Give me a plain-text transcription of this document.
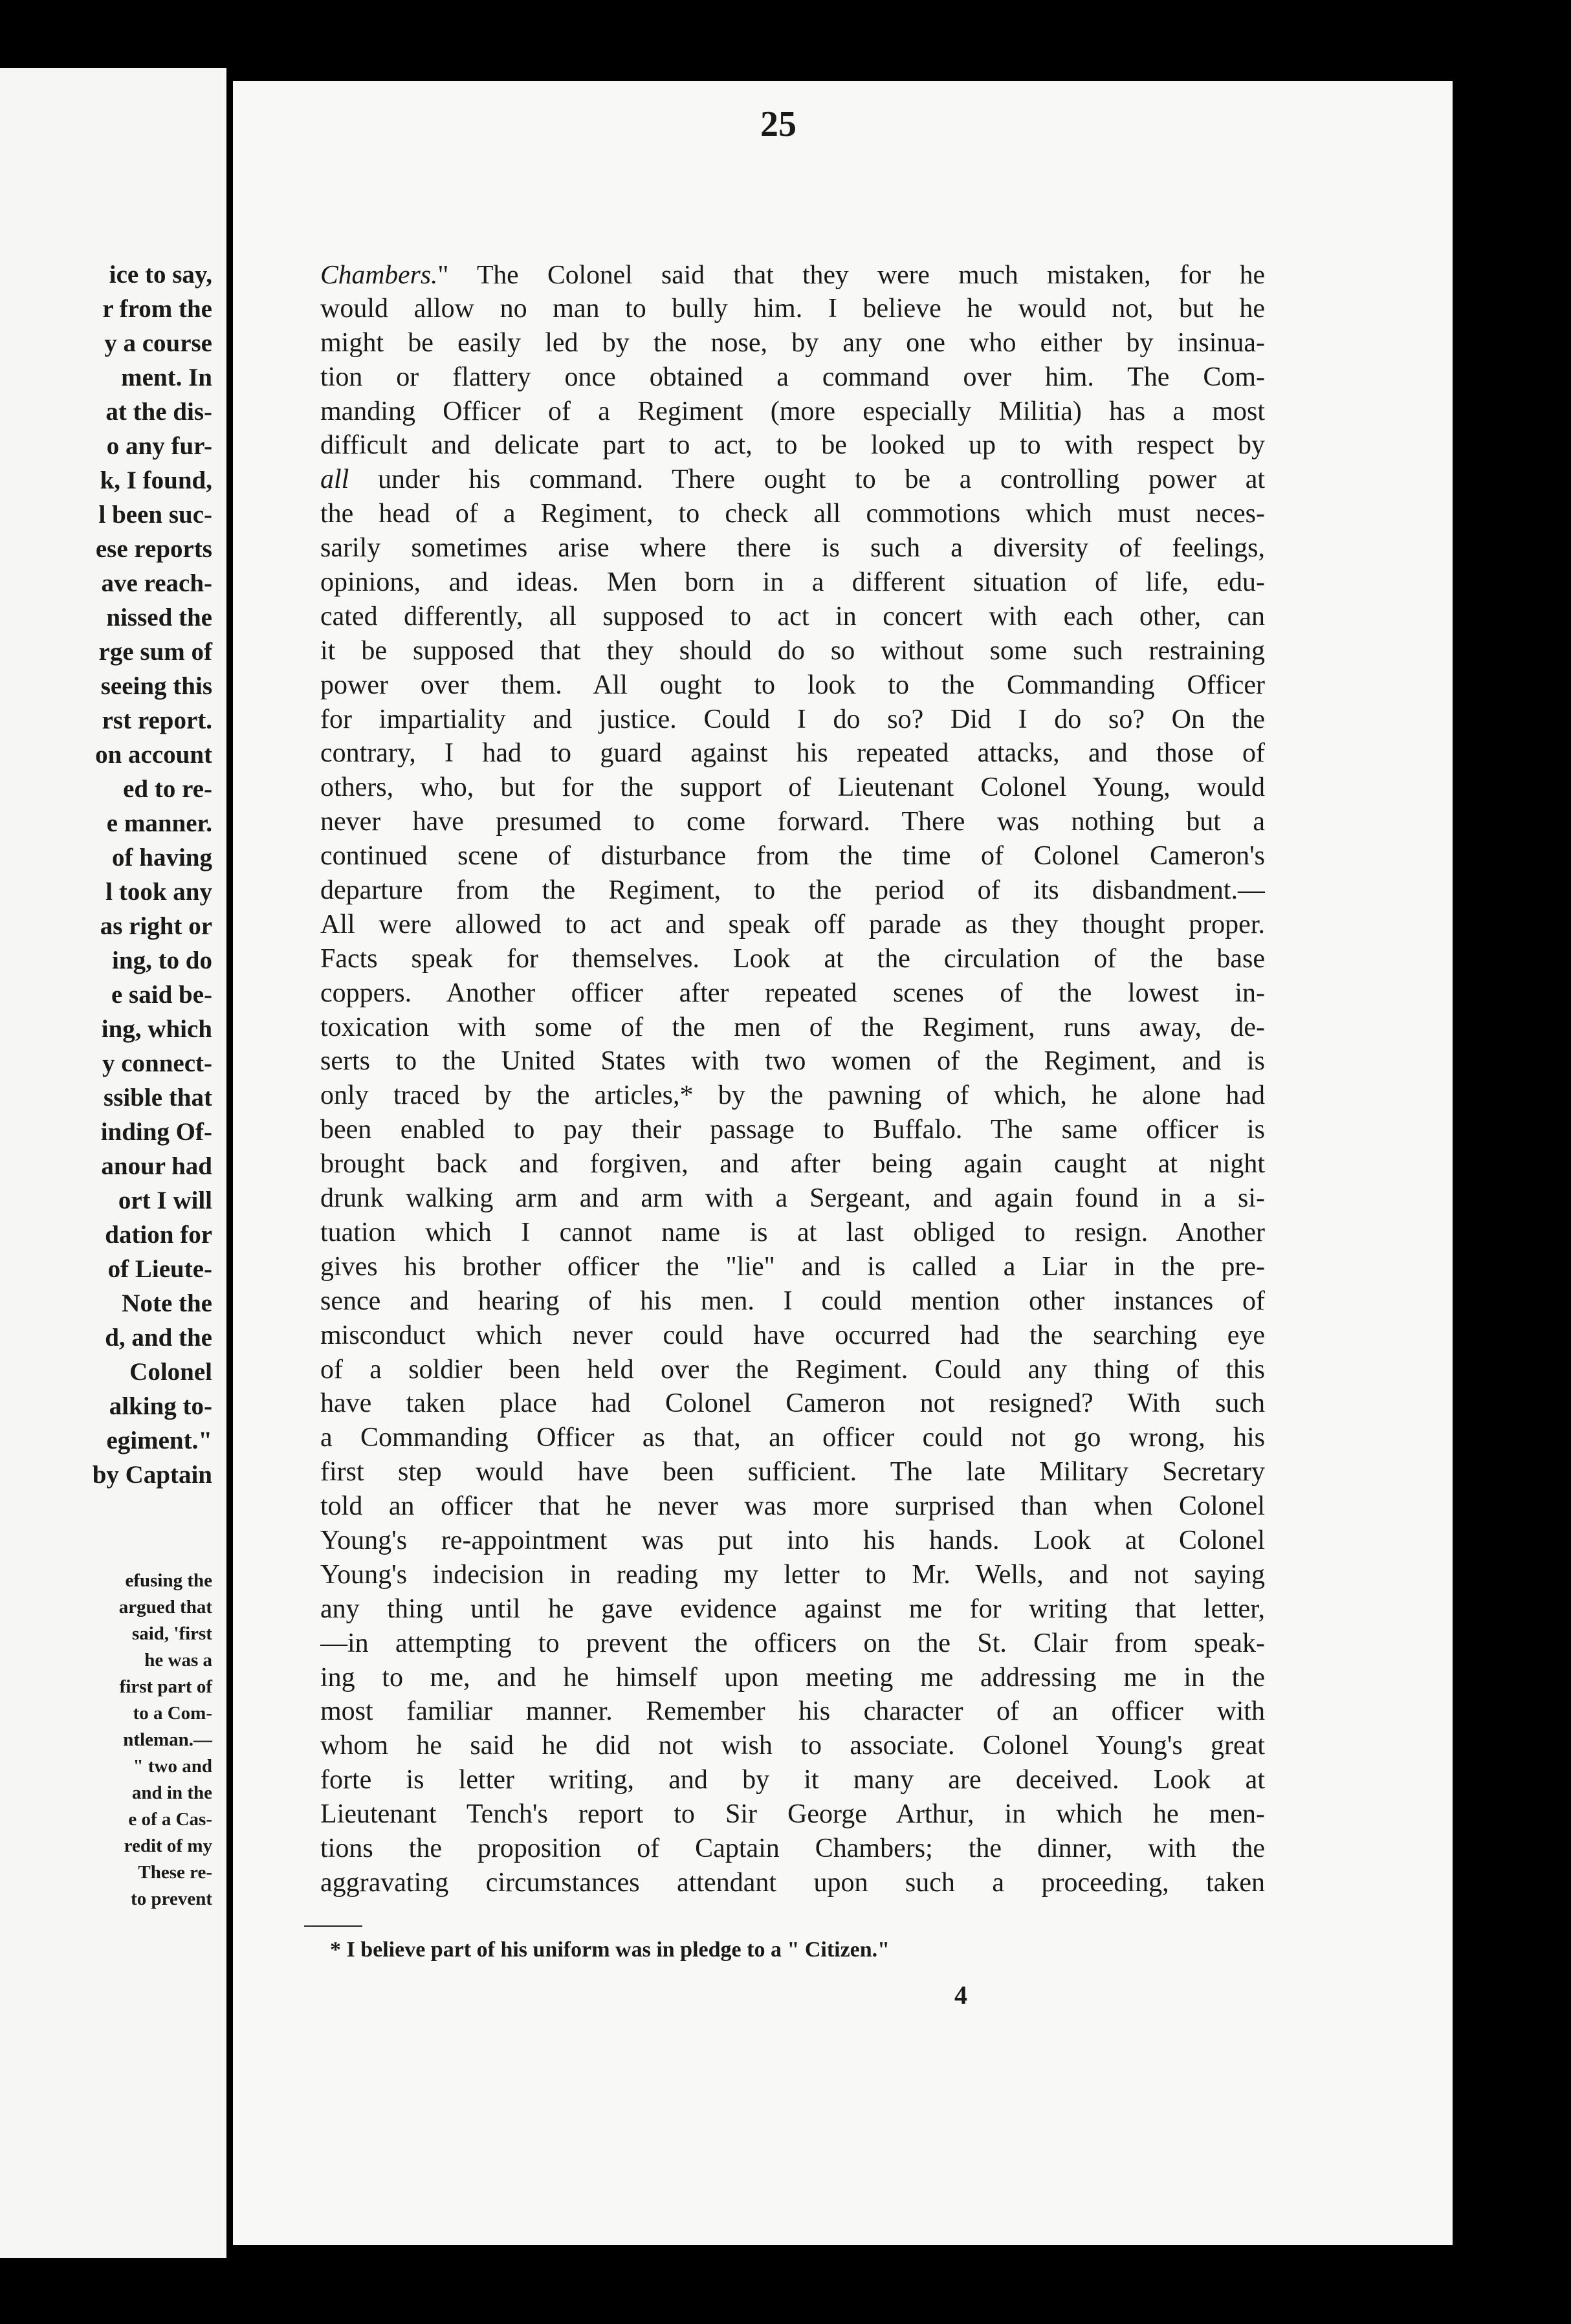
ice to say,
r from the
y a course
ment. In
at the dis-
o any fur-
k, I found,
l been suc-
ese reports
ave reach-
nissed the
rge sum of
seeing this
rst report.
on account
ed to re-
e manner.
of having
l took any
as right or
ing, to do
e said be-
ing, which
y connect-
ssible that
inding Of-
anour had
ort I will
dation for
of Lieute-
Note the
d, and the
Colonel
alking to-
egiment."
by Captain
efusing the
argued that
said, 'first
he was a
first part of
to a Com-
ntleman.—
" two and
and in the
e of a Cas-
redit of my
These re-
to prevent
25
Chambers." The Colonel said that they were much mistaken, for he
would allow no man to bully him. I believe he would not, but he
might be easily led by the nose, by any one who either by insinua-
tion or flattery once obtained a command over him. The Com-
manding Officer of a Regiment (more especially Militia) has a most
difficult and delicate part to act, to be looked up to with respect by
all under his command. There ought to be a controlling power at
the head of a Regiment, to check all commotions which must neces-
sarily sometimes arise where there is such a diversity of feelings,
opinions, and ideas. Men born in a different situation of life, edu-
cated differently, all supposed to act in concert with each other, can
it be supposed that they should do so without some such restraining
power over them. All ought to look to the Commanding Officer
for impartiality and justice. Could I do so? Did I do so? On the
contrary, I had to guard against his repeated attacks, and those of
others, who, but for the support of Lieutenant Colonel Young, would
never have presumed to come forward. There was nothing but a
continued scene of disturbance from the time of Colonel Cameron's
departure from the Regiment, to the period of its disbandment.—
All were allowed to act and speak off parade as they thought proper.
Facts speak for themselves. Look at the circulation of the base
coppers. Another officer after repeated scenes of the lowest in-
toxication with some of the men of the Regiment, runs away, de-
serts to the United States with two women of the Regiment, and is
only traced by the articles,* by the pawning of which, he alone had
been enabled to pay their passage to Buffalo. The same officer is
brought back and forgiven, and after being again caught at night
drunk walking arm and arm with a Sergeant, and again found in a si-
tuation which I cannot name is at last obliged to resign. Another
gives his brother officer the "lie" and is called a Liar in the pre-
sence and hearing of his men. I could mention other instances of
misconduct which never could have occurred had the searching eye
of a soldier been held over the Regiment. Could any thing of this
have taken place had Colonel Cameron not resigned? With such
a Commanding Officer as that, an officer could not go wrong, his
first step would have been sufficient. The late Military Secretary
told an officer that he never was more surprised than when Colonel
Young's re-appointment was put into his hands. Look at Colonel
Young's indecision in reading my letter to Mr. Wells, and not saying
any thing until he gave evidence against me for writing that letter,
—in attempting to prevent the officers on the St. Clair from speak-
ing to me, and he himself upon meeting me addressing me in the
most familiar manner. Remember his character of an officer with
whom he said he did not wish to associate. Colonel Young's great
forte is letter writing, and by it many are deceived. Look at
Lieutenant Tench's report to Sir George Arthur, in which he men-
tions the proposition of Captain Chambers; the dinner, with the
aggravating circumstances attendant upon such a proceeding, taken
* I believe part of his uniform was in pledge to a " Citizen."
4
